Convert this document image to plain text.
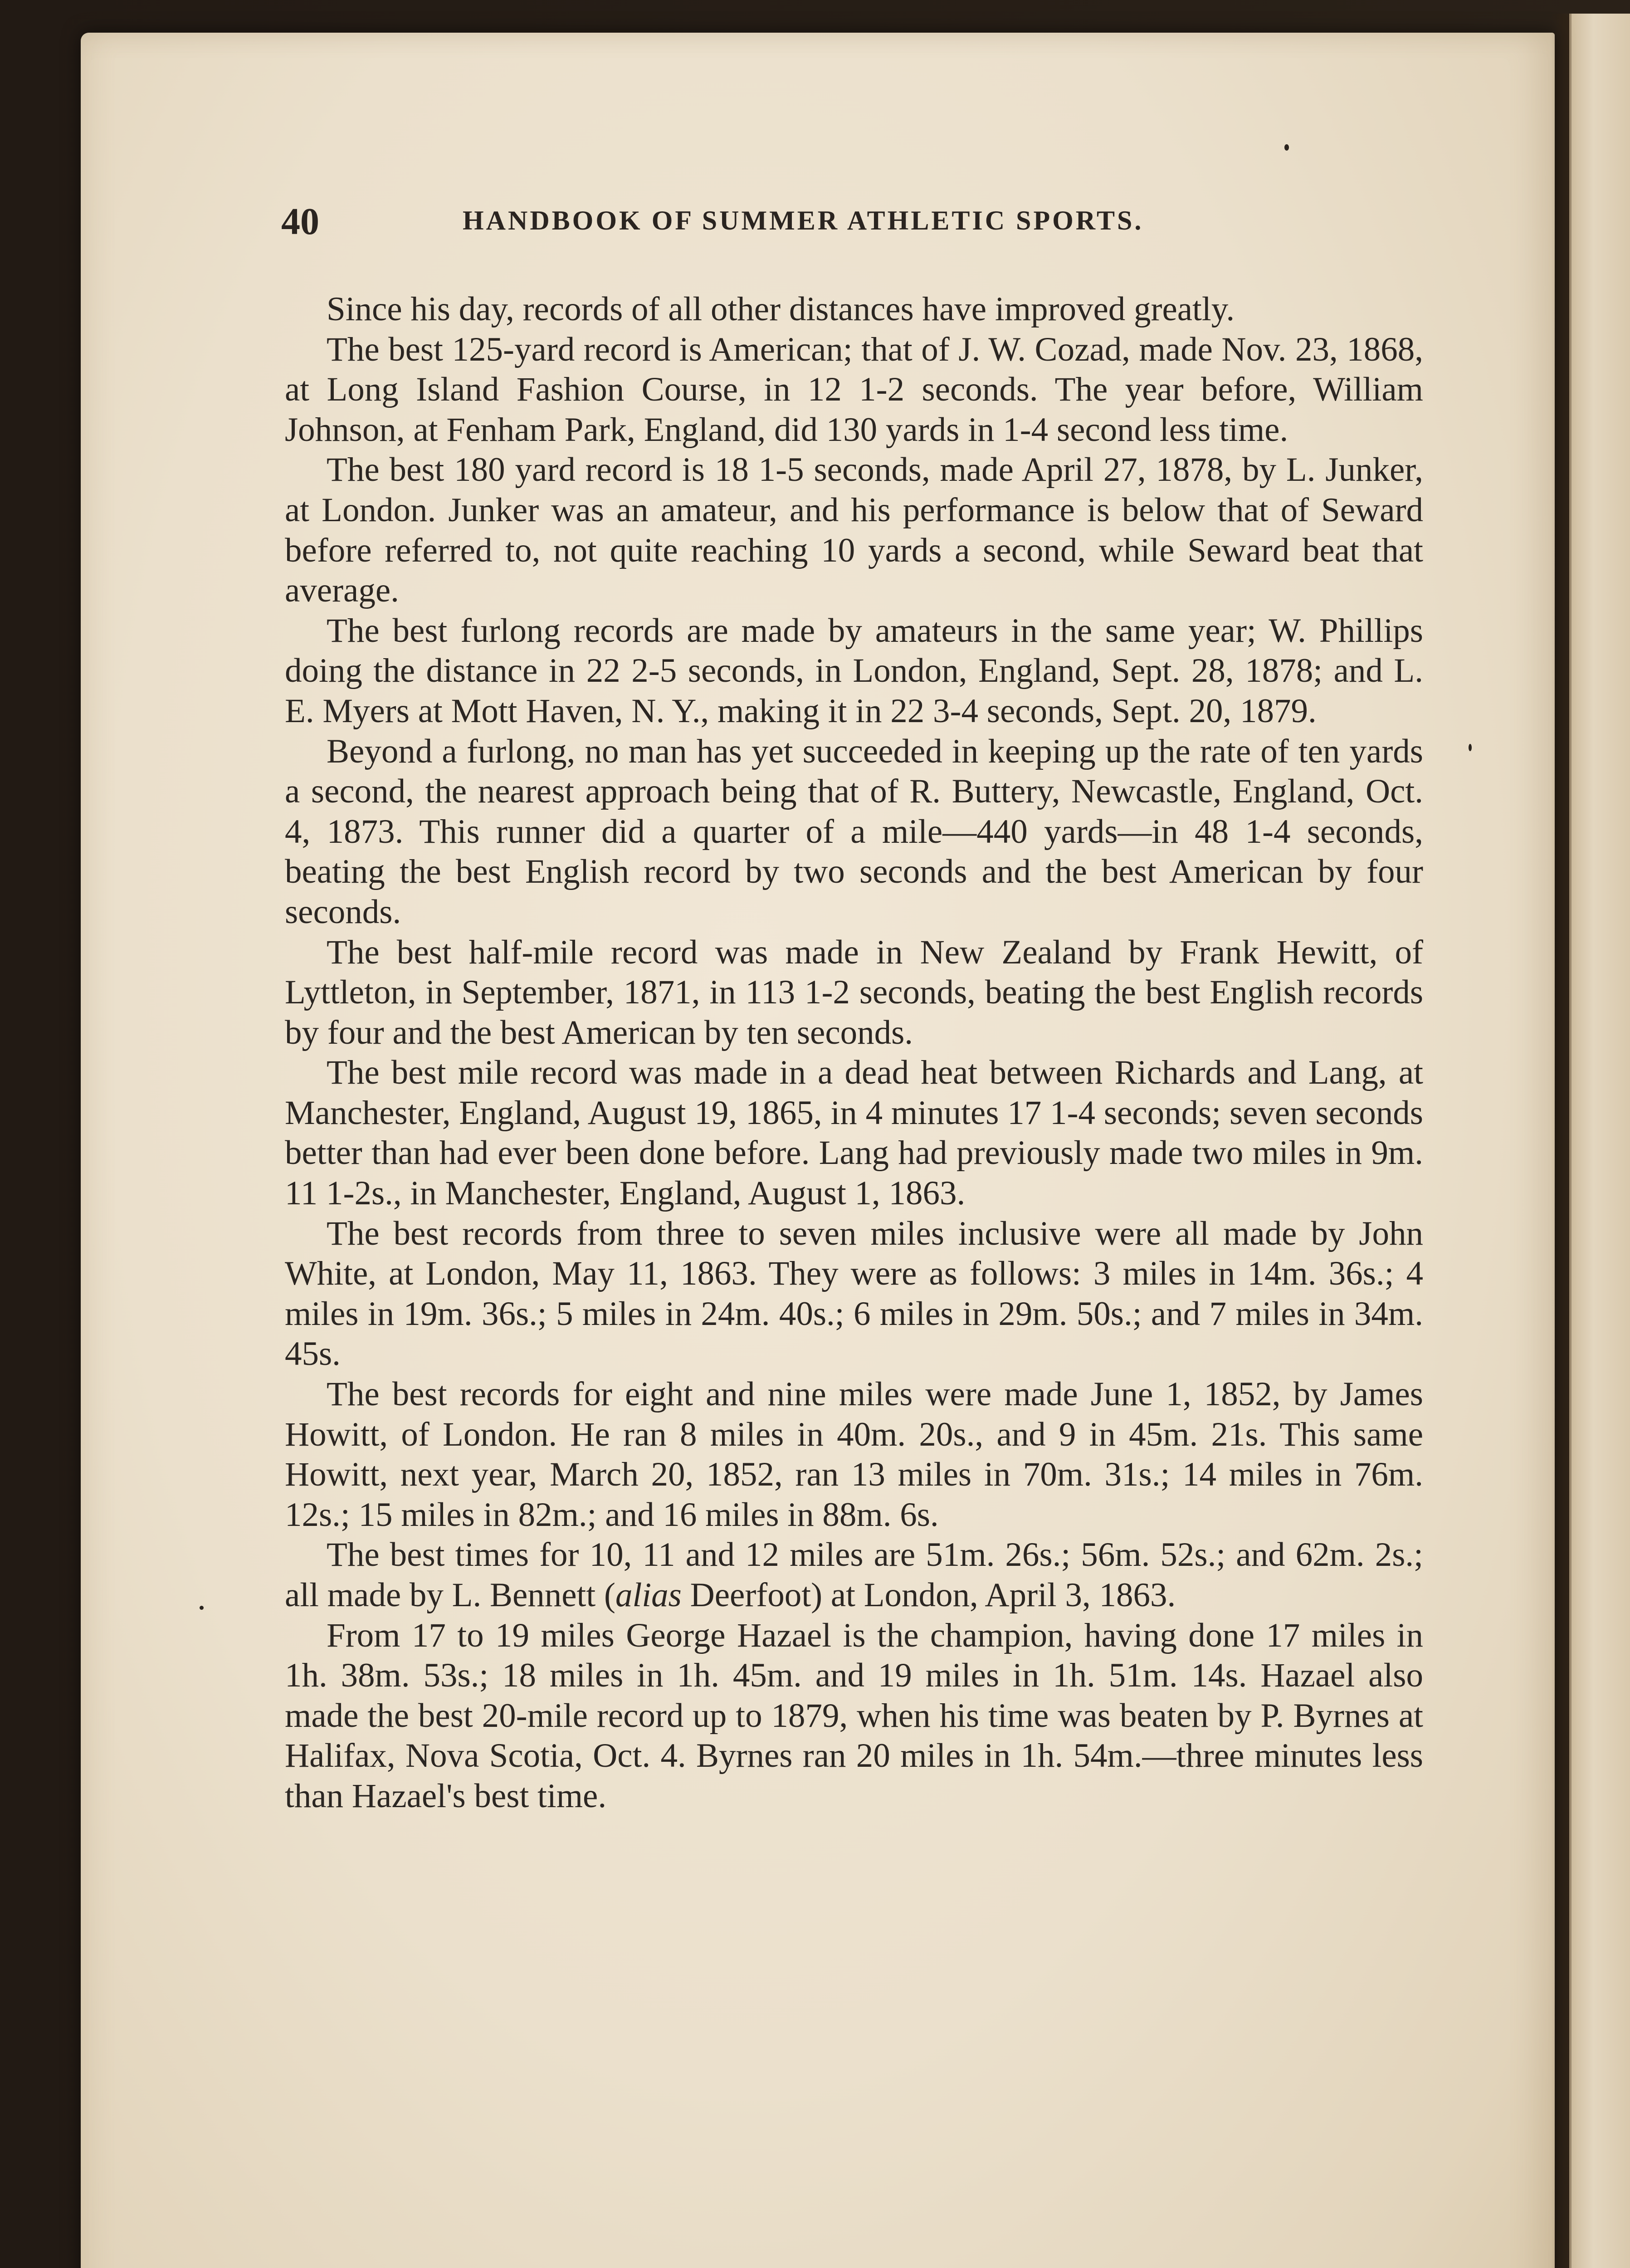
40	HANDBOOK OF SUMMER ATHLETIC SPORTS.

Since his day, records of all other distances have improved greatly.

The best 125-yard record is American; that of J. W. Cozad, made Nov. 23, 1868, at Long Island Fashion Course, in 12 1-2 seconds. The year before, William Johnson, at Fenham Park, England, did 130 yards in 1-4 second less time.

The best 180 yard record is 18 1-5 seconds, made April 27, 1878, by L. Junker, at London. Junker was an amateur, and his performance is below that of Seward before referred to, not quite reaching 10 yards a second, while Seward beat that average.

The best furlong records are made by amateurs in the same year; W. Phillips doing the distance in 22 2-5 seconds, in London, England, Sept. 28, 1878; and L. E. Myers at Mott Haven, N. Y., making it in 22 3-4 seconds, Sept. 20, 1879.

Beyond a furlong, no man has yet succeeded in keeping up the rate of ten yards a second, the nearest approach being that of R. Buttery, Newcastle, England, Oct. 4, 1873. This runner did a quarter of a mile—440 yards—in 48 1-4 seconds, beating the best English record by two seconds and the best American by four seconds.

The best half-mile record was made in New Zealand by Frank Hewitt, of Lyttleton, in September, 1871, in 113 1-2 seconds, beating the best English records by four and the best American by ten seconds.

The best mile record was made in a dead heat between Richards and Lang, at Manchester, England, August 19, 1865, in 4 minutes 17 1-4 seconds; seven seconds better than had ever been done before. Lang had previously made two miles in 9m. 11 1-2s., in Manchester, England, August 1, 1863.

The best records from three to seven miles inclusive were all made by John White, at London, May 11, 1863. They were as follows: 3 miles in 14m. 36s.; 4 miles in 19m. 36s.; 5 miles in 24m. 40s.; 6 miles in 29m. 50s.; and 7 miles in 34m. 45s.

The best records for eight and nine miles were made June 1, 1852, by James Howitt, of London. He ran 8 miles in 40m. 20s., and 9 in 45m. 21s. This same Howitt, next year, March 20, 1852, ran 13 miles in 70m. 31s.; 14 miles in 76m. 12s.; 15 miles in 82m.; and 16 miles in 88m. 6s.

The best times for 10, 11 and 12 miles are 51m. 26s.; 56m. 52s.; and 62m. 2s.; all made by L. Bennett (alias Deerfoot) at London, April 3, 1863.

From 17 to 19 miles George Hazael is the champion, having done 17 miles in 1h. 38m. 53s.; 18 miles in 1h. 45m. and 19 miles in 1h. 51m. 14s. Hazael also made the best 20-mile record up to 1879, when his time was beaten by P. Byrnes at Halifax, Nova Scotia, Oct. 4. Byrnes ran 20 miles in 1h. 54m.—three minutes less than Hazael's best time.
